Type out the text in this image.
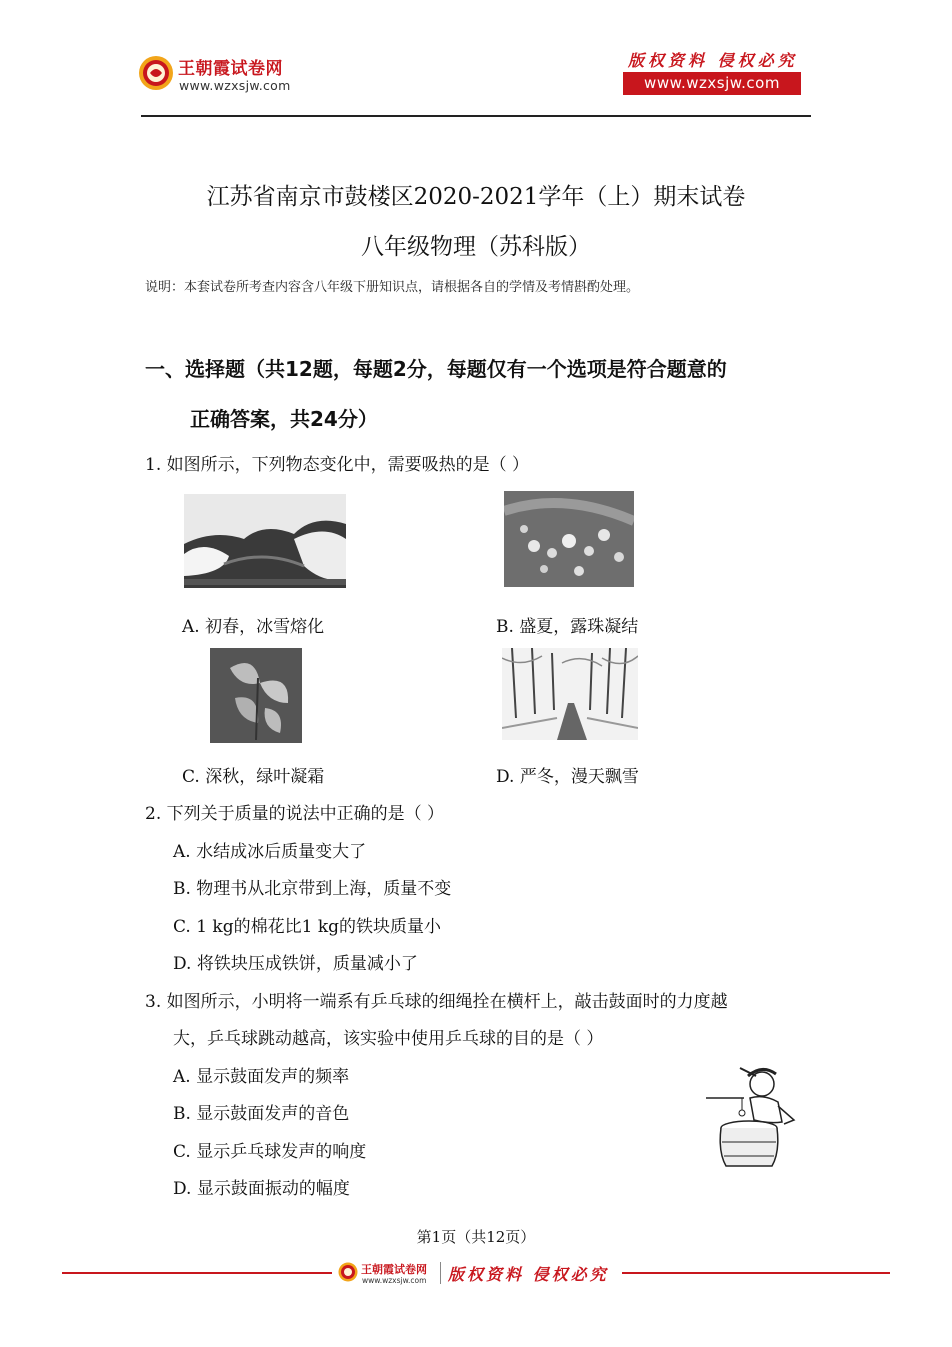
王朝霞试卷网
www.wzxsjw.com
版权资料 侵权必究
www.wzxsjw.com
江苏省南京市鼓楼区2020-2021学年（上）期末试卷
八年级物理（苏科版）
说明：本套试卷所考查内容含八年级下册知识点，请根据各自的学情及考情斟酌处理。
一、选择题（共12题，每题2分，每题仅有一个选项是符合题意的
正确答案，共24分）
1. 如图所示，下列物态变化中，需要吸热的是（ ）
A. 初春，冰雪熔化	B. 盛夏，露珠凝结
C. 深秋，绿叶凝霜	D. 严冬，漫天飘雪
2. 下列关于质量的说法中正确的是（ ）
A. 水结成冰后质量变大了
B. 物理书从北京带到上海，质量不变
C. 1 kg的棉花比1 kg的铁块质量小
D. 将铁块压成铁饼，质量减小了
3. 如图所示，小明将一端系有乒乓球的细绳拴在横杆上，敲击鼓面时的力度越
大，乒乓球跳动越高，该实验中使用乒乓球的目的是（ ）
A. 显示鼓面发声的频率
B. 显示鼓面发声的音色
C. 显示乒乓球发声的响度
D. 显示鼓面振动的幅度
第1页（共12页）
王朝霞试卷网
www.wzxsjw.com 版权资料 侵权必究
